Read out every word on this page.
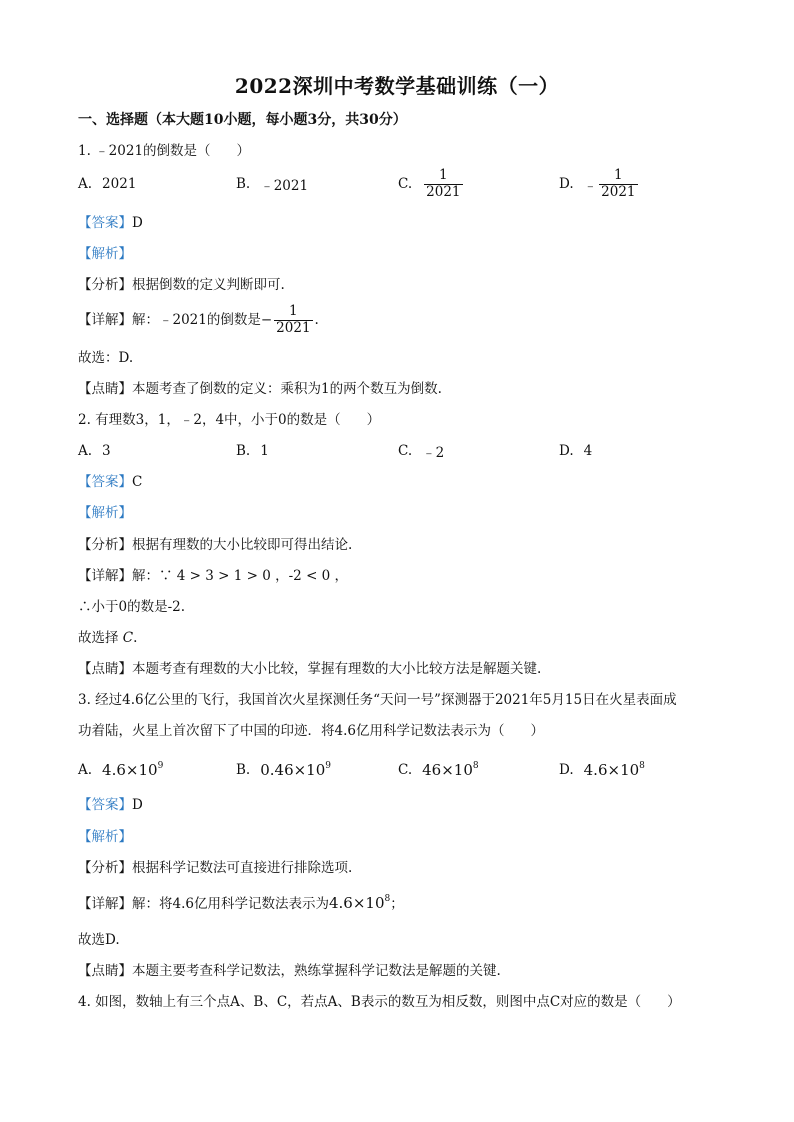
2022深圳中考数学基础训练（一）
一、选择题（本大题10小题，每小题3分，共30分）
1. ﹣2021的倒数是（ ）
A. 2021	B. ﹣2021	C. $\frac{1}{2021}$	D. ﹣ $\frac{1}{2021}$
【答案】D
【解析】
【分析】根据倒数的定义判断即可.
【详解】 解：﹣2021的倒数是 − $\frac{1}{2021}$ .
故选：D.
【点睛】本题考查了倒数的定义：乘积为1的两个数互为倒数.
2. 有理数3，1，﹣2，4中，小于0的数是（ ）
A. 3	B. 1	C. ﹣2	D. 4
【答案】C
【解析】
【分析】根据有理数的大小比较即可得出结论.
【详解】解：∵ 4 > 3 > 1 > 0 ，-2 < 0 ，
∴小于0的数是-2.
故选择 C.
【点睛】本题考查有理数的大小比较，掌握有理数的大小比较方法是解题关键.
3. 经过4.6亿公里的飞行，我国首次火星探测任务“天问一号”探测器于2021年5月15日在火星表面成
功着陆，火星上首次留下了中国的印迹．将4.6亿用科学记数法表示为（ ）
A. $4.6\times 10^9$	B. $0.46\times 10^9$	C. $46\times 10^8$	D. $4.6\times 10^8$
【答案】D
【解析】
【分析】根据科学记数法可直接进行排除选项.
【详解】解：将4.6亿用科学记数法表示为$4.6\times 10^8$；
故选D.
【点睛】本题主要考查科学记数法，熟练掌握科学记数法是解题的关键.
4. 如图，数轴上有三个点A、B、C，若点A、B表示的数互为相反数，则图中点C对应的数是（ ）
